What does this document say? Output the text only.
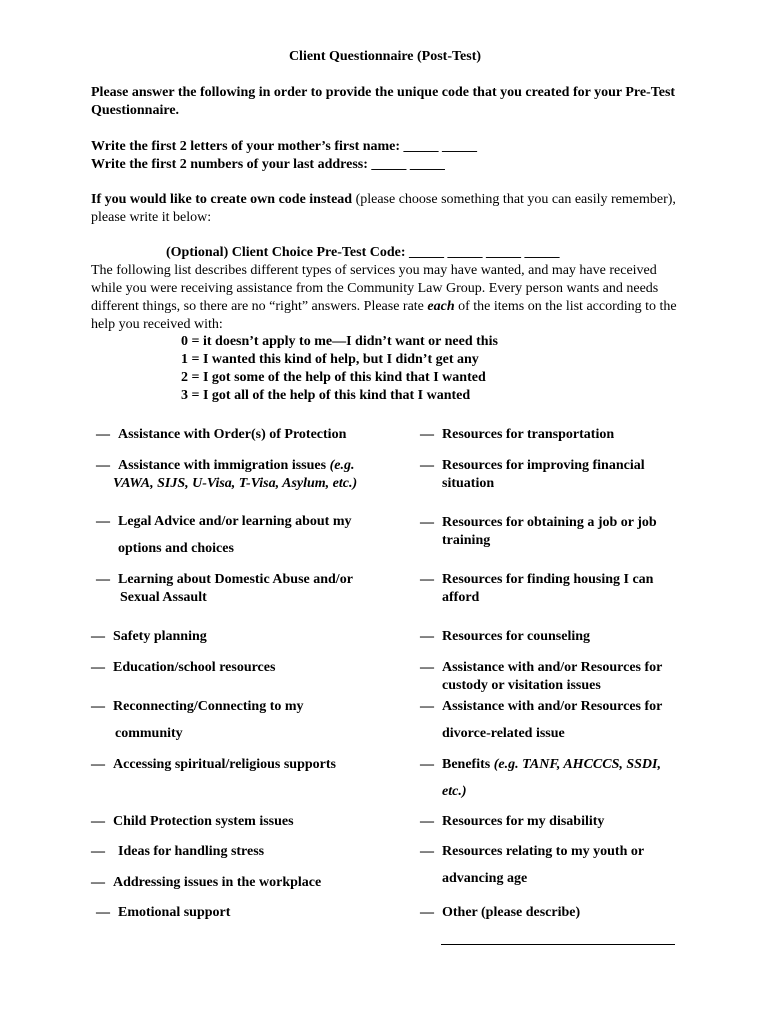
Client Questionnaire (Post-Test)
Please answer the following in order to provide the unique code that you created for your Pre-Test Questionnaire.
Write the first 2 letters of your mother’s first name: _____ _____
Write the first 2 numbers of your last address: _____ _____
If you would like to create own code instead (please choose something that you can easily remember), please write it below:
(Optional) Client Choice Pre-Test Code: _____ _____ _____ _____
The following list describes different types of services you may have wanted, and may have received while you were receiving assistance from the Community Law Group. Every person wants and needs different things, so there are no “right” answers. Please rate each of the items on the list according to the help you received with:
0 = it doesn’t apply to me—I didn’t want or need this
1 = I wanted this kind of help, but I didn’t get any
2 = I got some of the help of this kind that I wanted
3 = I got all of the help of this kind that I wanted
— Assistance with Order(s) of Protection
— Assistance with immigration issues (e.g.
VAWA, SIJS, U-Visa, T-Visa, Asylum, etc.)
— Legal Advice and/or learning about my
options and choices
— Learning about Domestic Abuse and/or
Sexual Assault
— Safety planning
— Education/school resources
— Reconnecting/Connecting to my
community
— Accessing spiritual/religious supports
— Child Protection system issues
— Ideas for handling stress
— Addressing issues in the workplace
— Emotional support
— Resources for transportation
— Resources for improving financial
situation
— Resources for obtaining a job or job
training
— Resources for finding housing I can
afford
— Resources for counseling
— Assistance with and/or Resources for
custody or visitation issues
— Assistance with and/or Resources for
divorce-related issue
— Benefits (e.g. TANF, AHCCCS, SSDI,
etc.)
— Resources for my disability
— Resources relating to my youth or
advancing age
— Other (please describe)
